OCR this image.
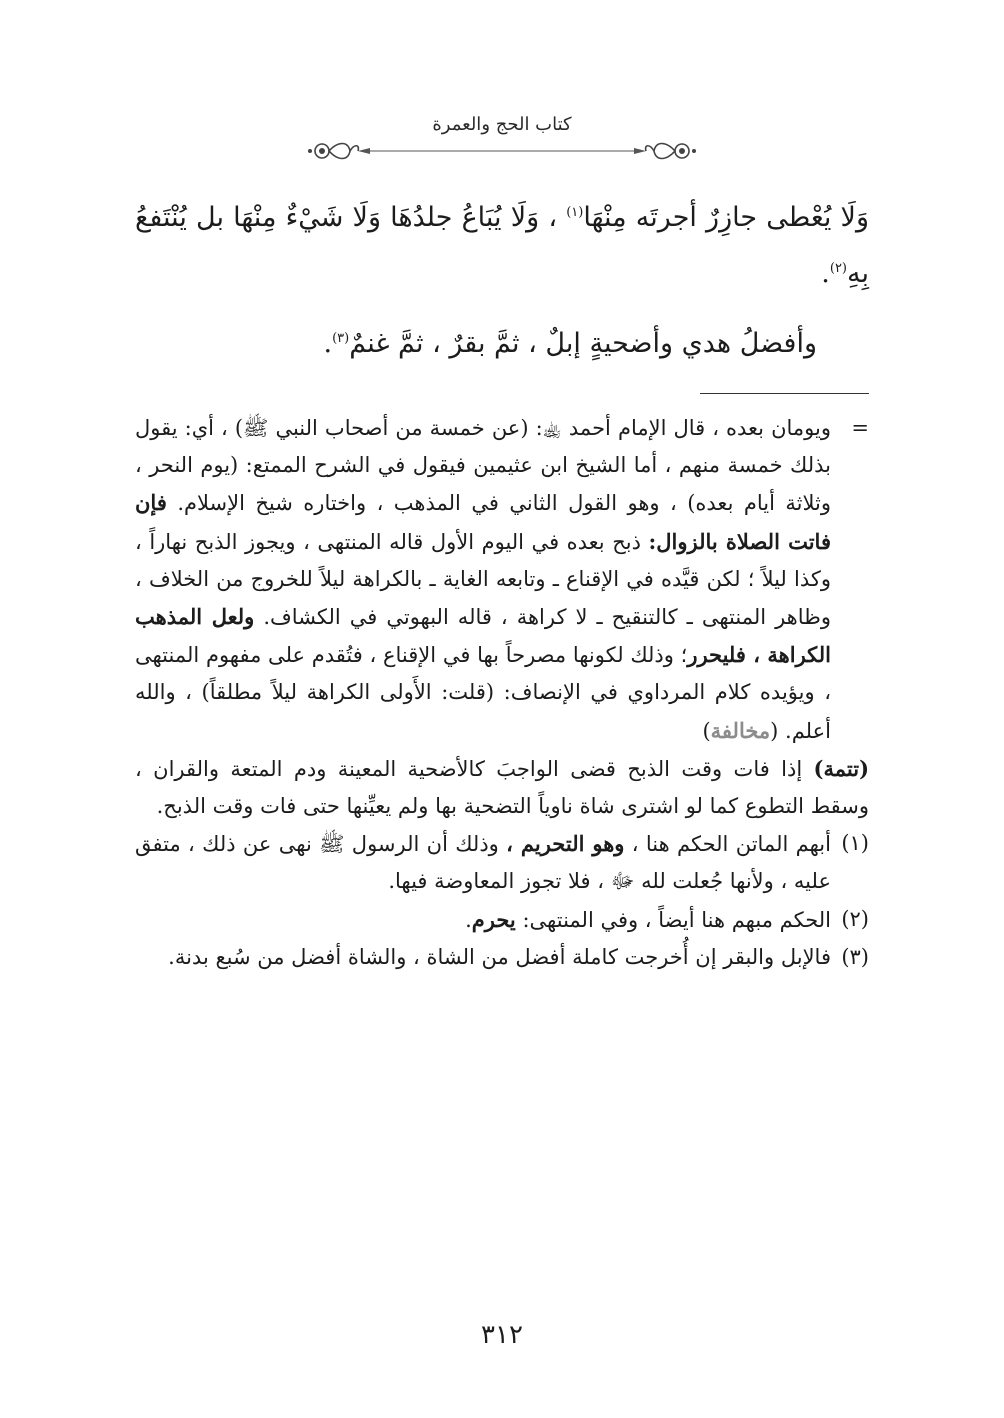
كتاب الحج والعمرة

وَلَا يُعْطى جازِرٌ أجرتَه مِنْهَا$^{(١)}$ ، وَلَا يُبَاعُ جلدُهَا وَلَا شَيْءٌ مِنْهَا بل يُنْتَفعُ بِهِ$^{(٢)}$.

وأفضلُ هدي وأضحيةٍ إبلٌ ، ثمَّ بقرٌ ، ثمَّ غنمٌ$^{(٣)}$.

=
ويومان بعده ، قال الإمام أحمد ﵀: (عن خمسة من أصحاب النبي ﷺ) ، أي: يقول بذلك خمسة منهم ، أما الشيخ ابن عثيمين فيقول في الشرح الممتع: (يوم النحر ، وثلاثة أيام بعده) ، وهو القول الثاني في المذهب ، واختاره شيخ الإسلام. فإن فاتت الصلاة بالزوال: ذبح بعده في اليوم الأول قاله المنتهى ، ويجوز الذبح نهاراً ، وكذا ليلاً ؛ لكن قيَّده في الإقناع ـ وتابعه الغاية ـ بالكراهة ليلاً للخروج من الخلاف ، وظاهر المنتهى ـ كالتنقيح ـ لا كراهة ، قاله البهوتي في الكشاف. ولعل المذهب الكراهة ، فليحرر؛ وذلك لكونها مصرحاً بها في الإقناع ، فتُقدم على مفهوم المنتهى ، ويؤيده كلام المرداوي في الإنصاف: (قلت: الأَولى الكراهة ليلاً مطلقاً) ، والله أعلم. (مخالفة)
(تتمة) إذا فات وقت الذبح قضى الواجبَ كالأضحية المعينة ودم المتعة والقران ، وسقط التطوع كما لو اشترى شاة ناوياً التضحية بها ولم يعيِّنها حتى فات وقت الذبح.
(١)
أبهم الماتن الحكم هنا ، وهو التحريم ، وذلك أن الرسول ﷺ نهى عن ذلك ، متفق عليه ، ولأنها جُعلت لله ﷻ ، فلا تجوز المعاوضة فيها.
(٢)
الحكم مبهم هنا أيضاً ، وفي المنتهى: يحرم.
(٣)
فالإبل والبقر إن أُخرجت كاملة أفضل من الشاة ، والشاة أفضل من سُبع بدنة.
٣١٢
